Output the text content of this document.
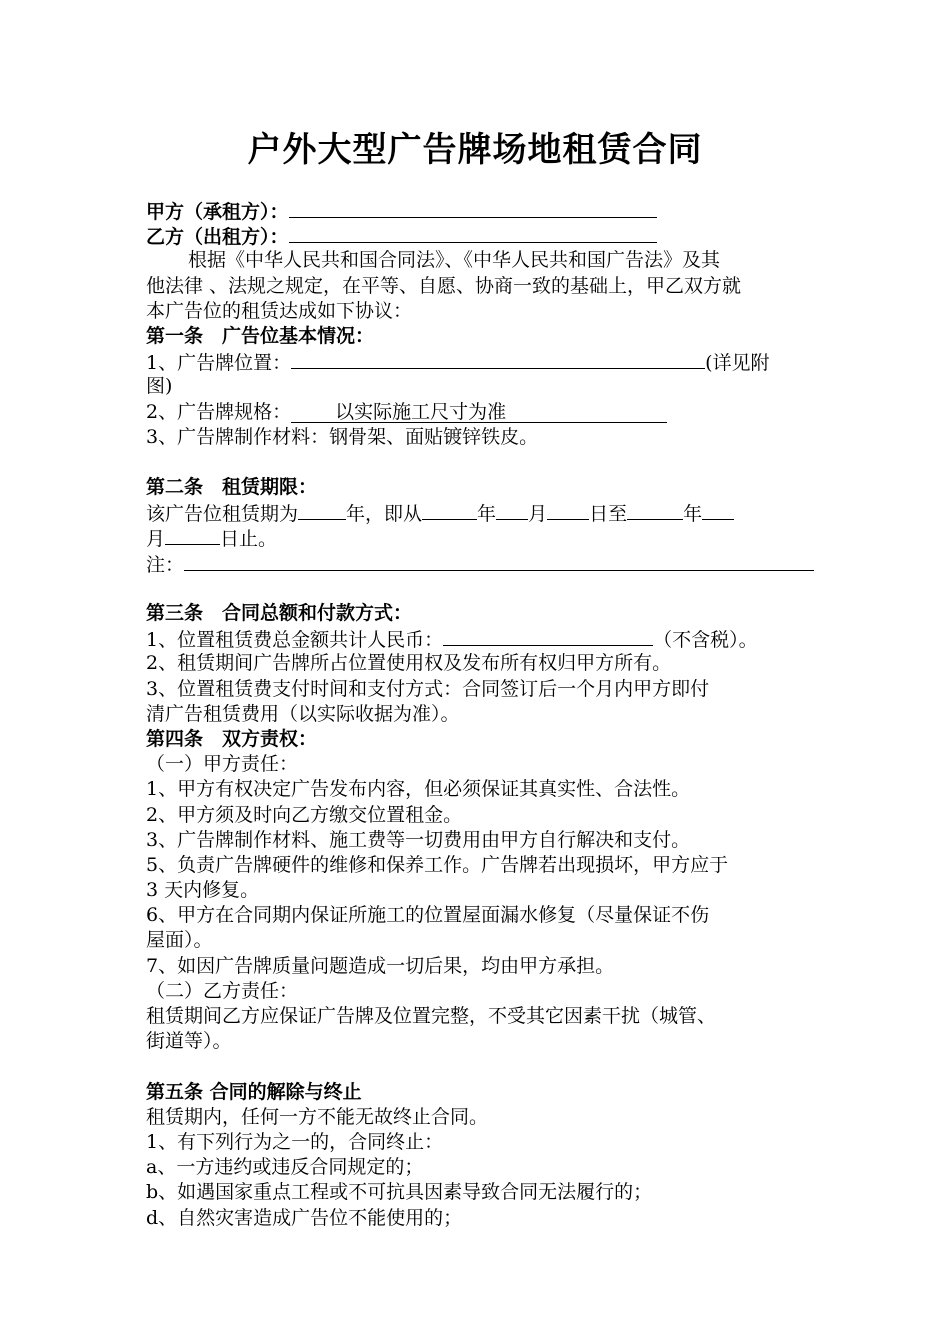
户外大型广告牌场地租赁合同
甲方（承租方）：
乙方（出租方）：
根据《中华人民共和国合同法》、《中华人民共和国广告法》及其
他法律 、法规之规定，在平等、自愿、协商一致的基础上，甲乙双方就
本广告位的租赁达成如下协议：
第一条　广告位基本情况：
1、广告牌位置：	(详见附
图)
2、广告牌规格： 以实际施工尺寸为准
3、广告牌制作材料：钢骨架、面贴镀锌铁皮。
第二条　租赁期限：
该广告位租赁期为	年，即从	年 月 日至	年
月	日止。
注：
第三条　合同总额和付款方式：
1、位置租赁费总金额共计人民币：	（不含税）。
2、租赁期间广告牌所占位置使用权及发布所有权归甲方所有。
3、位置租赁费支付时间和支付方式：合同签订后一个月内甲方即付
清广告租赁费用（以实际收据为准）。
第四条　双方责权：
（一）甲方责任：
1、甲方有权决定广告发布内容，但必须保证其真实性、合法性。
2、甲方须及时向乙方缴交位置租金。
3、广告牌制作材料、施工费等一切费用由甲方自行解决和支付。
5、负责广告牌硬件的维修和保养工作。广告牌若出现损坏，甲方应于
3 天内修复。
6、甲方在合同期内保证所施工的位置屋面漏水修复（尽量保证不伤
屋面）。
7、如因广告牌质量问题造成一切后果，均由甲方承担。
（二）乙方责任：
租赁期间乙方应保证广告牌及位置完整，不受其它因素干扰（城管、
街道等）。
第五条 合同的解除与终止
租赁期内，任何一方不能无故终止合同。
1、有下列行为之一的，合同终止：
a、一方违约或违反合同规定的；
b、如遇国家重点工程或不可抗具因素导致合同无法履行的；
d、自然灾害造成广告位不能使用的；
